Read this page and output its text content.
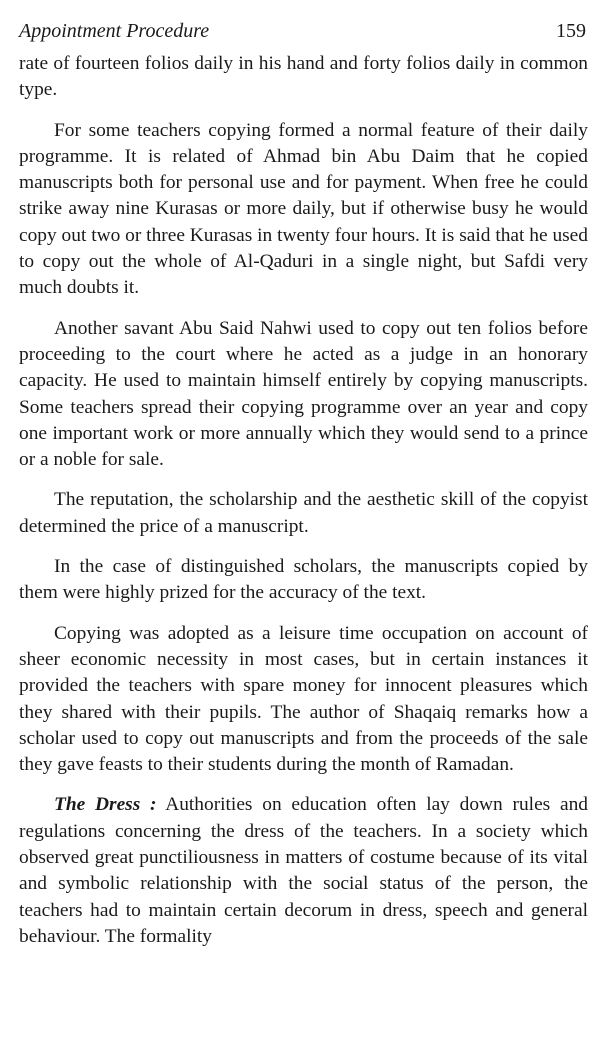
Appointment Procedure	159

rate of fourteen folios daily in his hand and forty folios daily in common type.

For some teachers copying formed a normal feature of their daily programme. It is related of Ahmad bin Abu Daim that he copied manuscripts both for personal use and for payment. When free he could strike away nine Kurasas or more daily, but if otherwise busy he would copy out two or three Kurasas in twenty four hours. It is said that he used to copy out the whole of Al-Qaduri in a single night, but Safdi very much doubts it.

Another savant Abu Said Nahwi used to copy out ten folios before proceeding to the court where he acted as a judge in an honorary capacity. He used to maintain himself entirely by copying manuscripts. Some teachers spread their copying programme over an year and copy one important work or more annually which they would send to a prince or a noble for sale.

The reputation, the scholarship and the aesthetic skill of the copyist determined the price of a manuscript.

In the case of distinguished scholars, the manuscripts copied by them were highly prized for the accuracy of the text.

Copying was adopted as a leisure time occupation on account of sheer economic necessity in most cases, but in certain instances it provided the teachers with spare money for innocent pleasures which they shared with their pupils. The author of Shaqaiq remarks how a scholar used to copy out manuscripts and from the proceeds of the sale they gave feasts to their students during the month of Ramadan.

The Dress : Authorities on education often lay down rules and regulations concerning the dress of the teachers. In a society which observed great punctiliousness in matters of costume because of its vital and symbolic relationship with the social status of the person, the teachers had to maintain certain decorum in dress, speech and general behaviour. The formality
